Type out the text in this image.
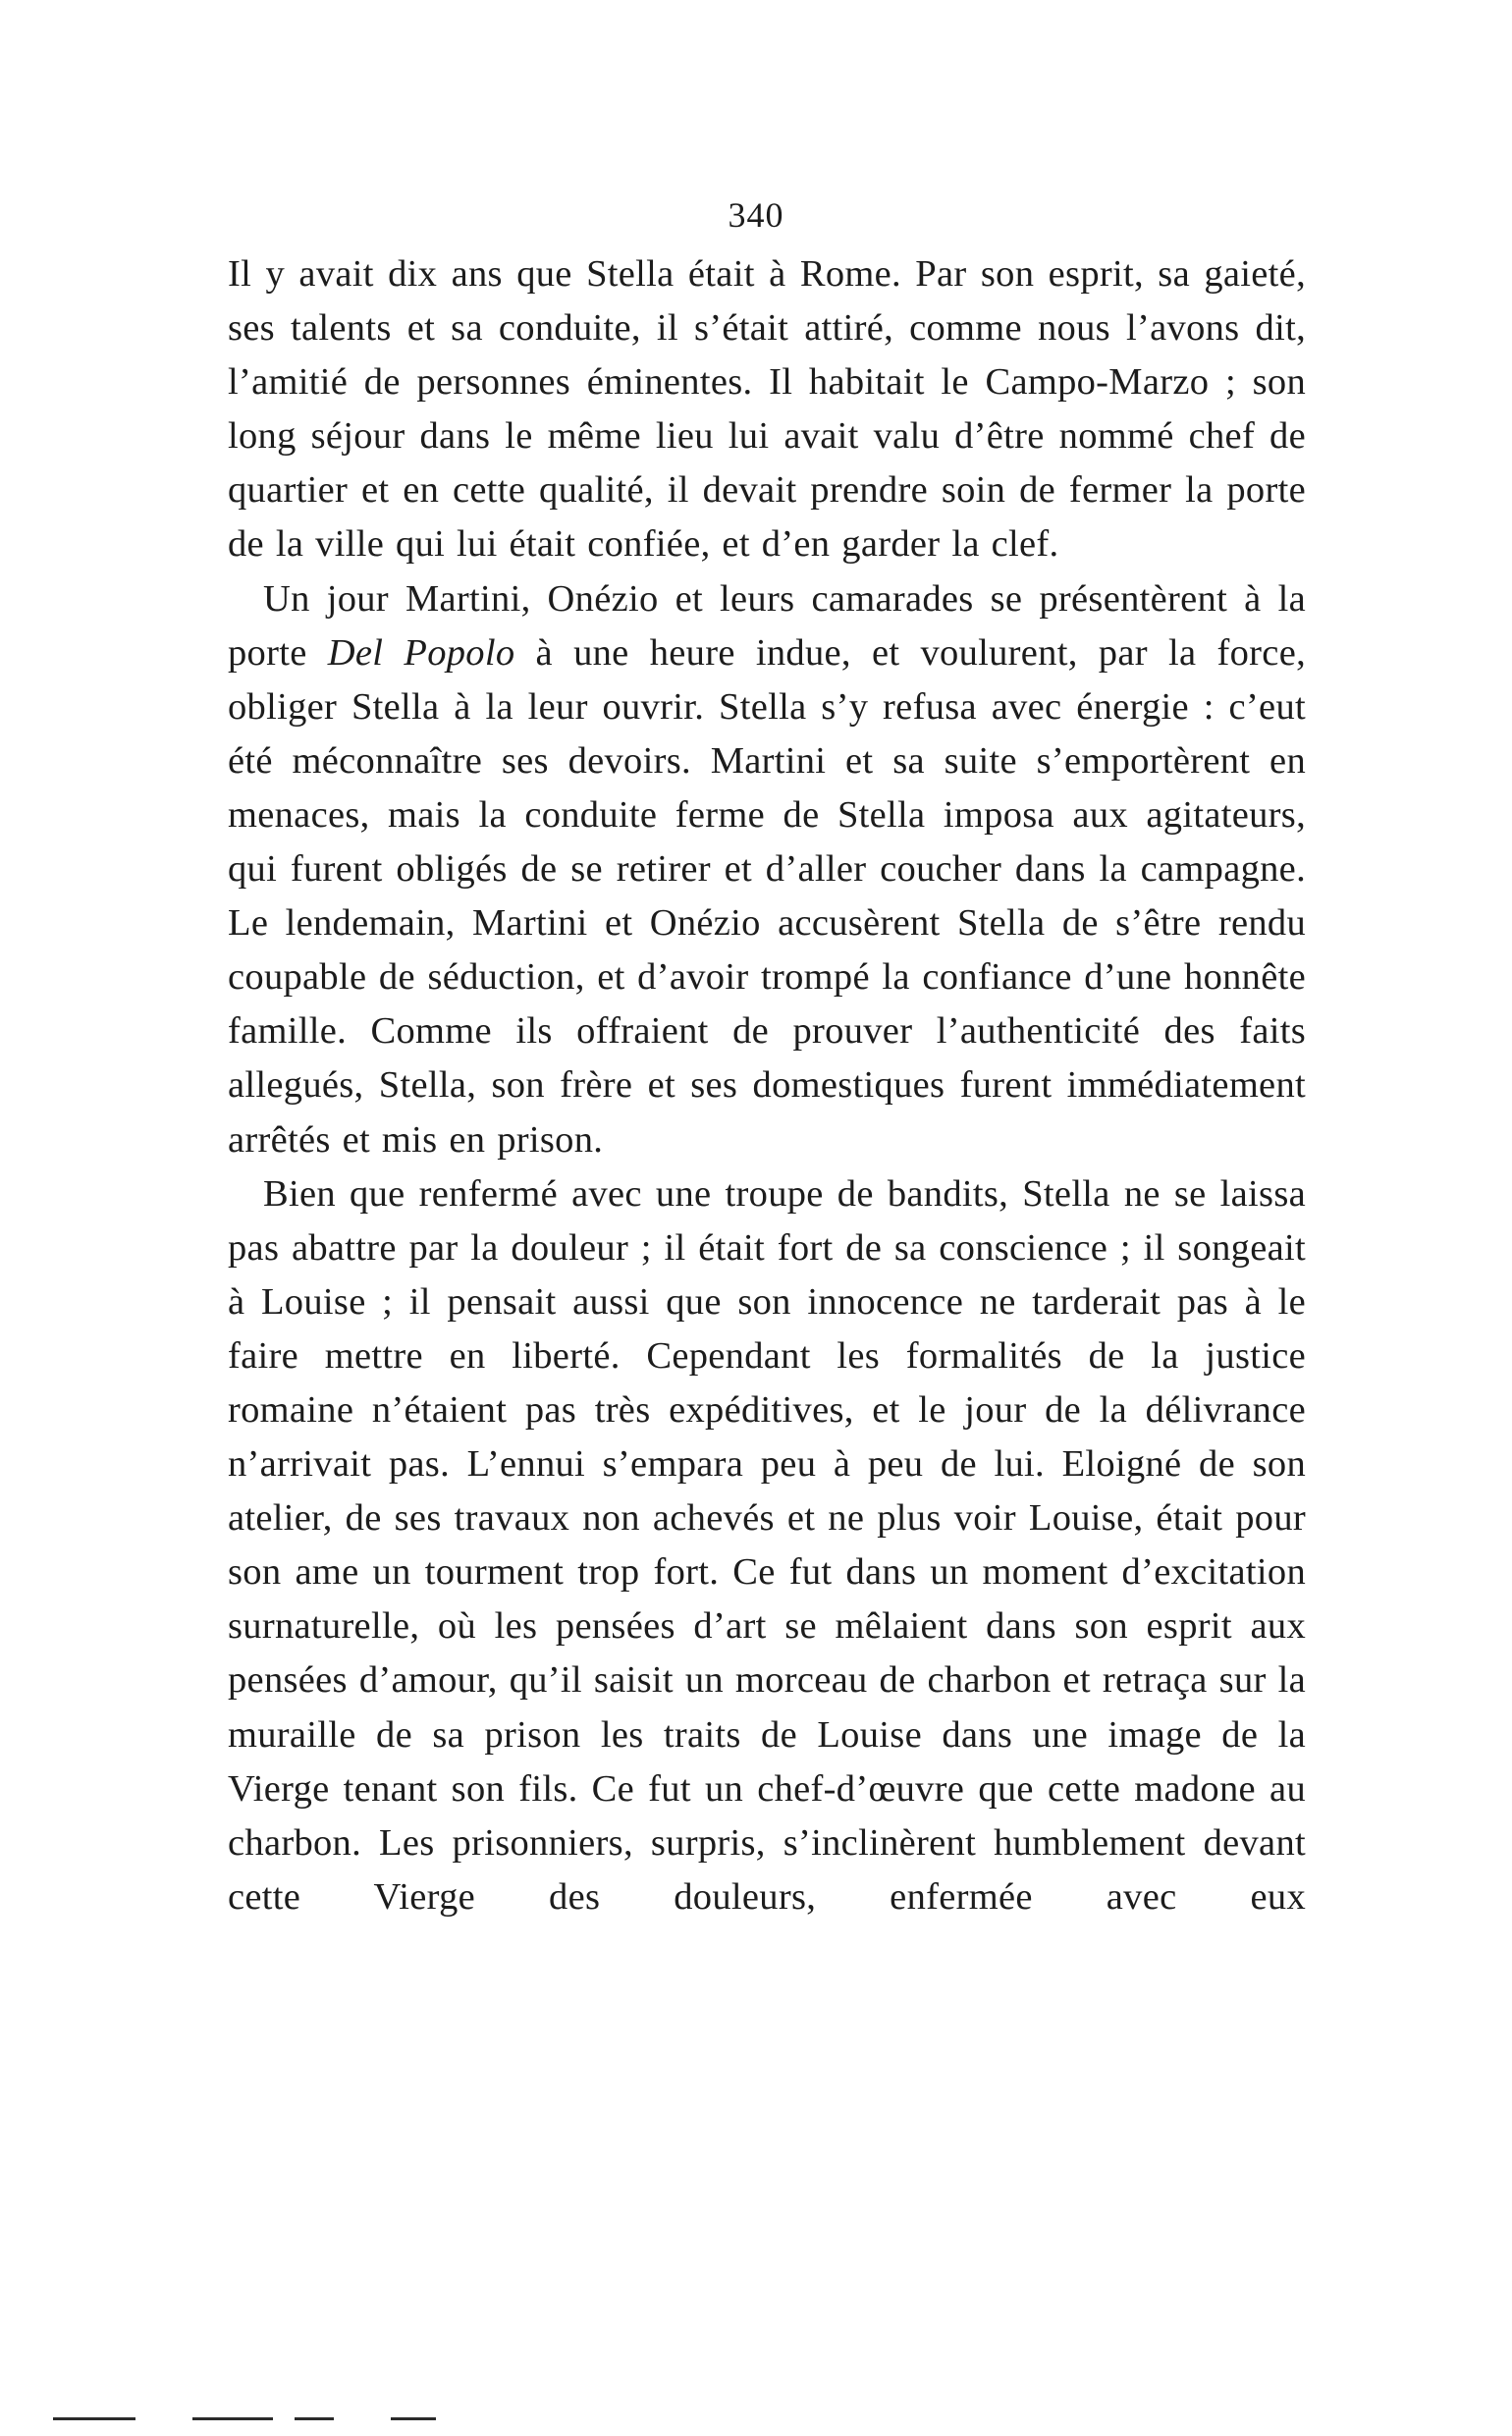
340

Il y avait dix ans que Stella était à Rome. Par son esprit, sa gaieté, ses talents et sa conduite, il s’était attiré, comme nous l’avons dit, l’amitié de personnes éminentes. Il habitait le Campo-Marzo ; son long séjour dans le même lieu lui avait valu d’être nommé chef de quartier et en cette qualité, il devait prendre soin de fermer la porte de la ville qui lui était confiée, et d’en garder la clef.

Un jour Martini, Onézio et leurs camarades se présentèrent à la porte Del Popolo à une heure indue, et voulurent, par la force, obliger Stella à la leur ouvrir. Stella s’y refusa avec énergie : c’eut été méconnaître ses devoirs. Martini et sa suite s’emportèrent en menaces, mais la conduite ferme de Stella imposa aux agitateurs, qui furent obligés de se retirer et d’aller coucher dans la campagne. Le lendemain, Martini et Onézio accusèrent Stella de s’être rendu coupable de séduction, et d’avoir trompé la confiance d’une honnête famille. Comme ils offraient de prouver l’authenticité des faits allegués, Stella, son frère et ses domestiques furent immédiatement arrêtés et mis en prison.

Bien que renfermé avec une troupe de bandits, Stella ne se laissa pas abattre par la douleur ; il était fort de sa conscience ; il songeait à Louise ; il pensait aussi que son innocence ne tarderait pas à le faire mettre en liberté. Cependant les formalités de la justice romaine n’étaient pas très expéditives, et le jour de la délivrance n’arrivait pas. L’ennui s’empara peu à peu de lui. Eloigné de son atelier, de ses travaux non achevés et ne plus voir Louise, était pour son ame un tourment trop fort. Ce fut dans un moment d’excitation surnaturelle, où les pensées d’art se mêlaient dans son esprit aux pensées d’amour, qu’il saisit un morceau de charbon et retraça sur la muraille de sa prison les traits de Louise dans une image de la Vierge tenant son fils. Ce fut un chef-d’œuvre que cette madone au charbon. Les prisonniers, surpris, s’inclinèrent humblement devant cette Vierge des douleurs, enfermée avec eux
